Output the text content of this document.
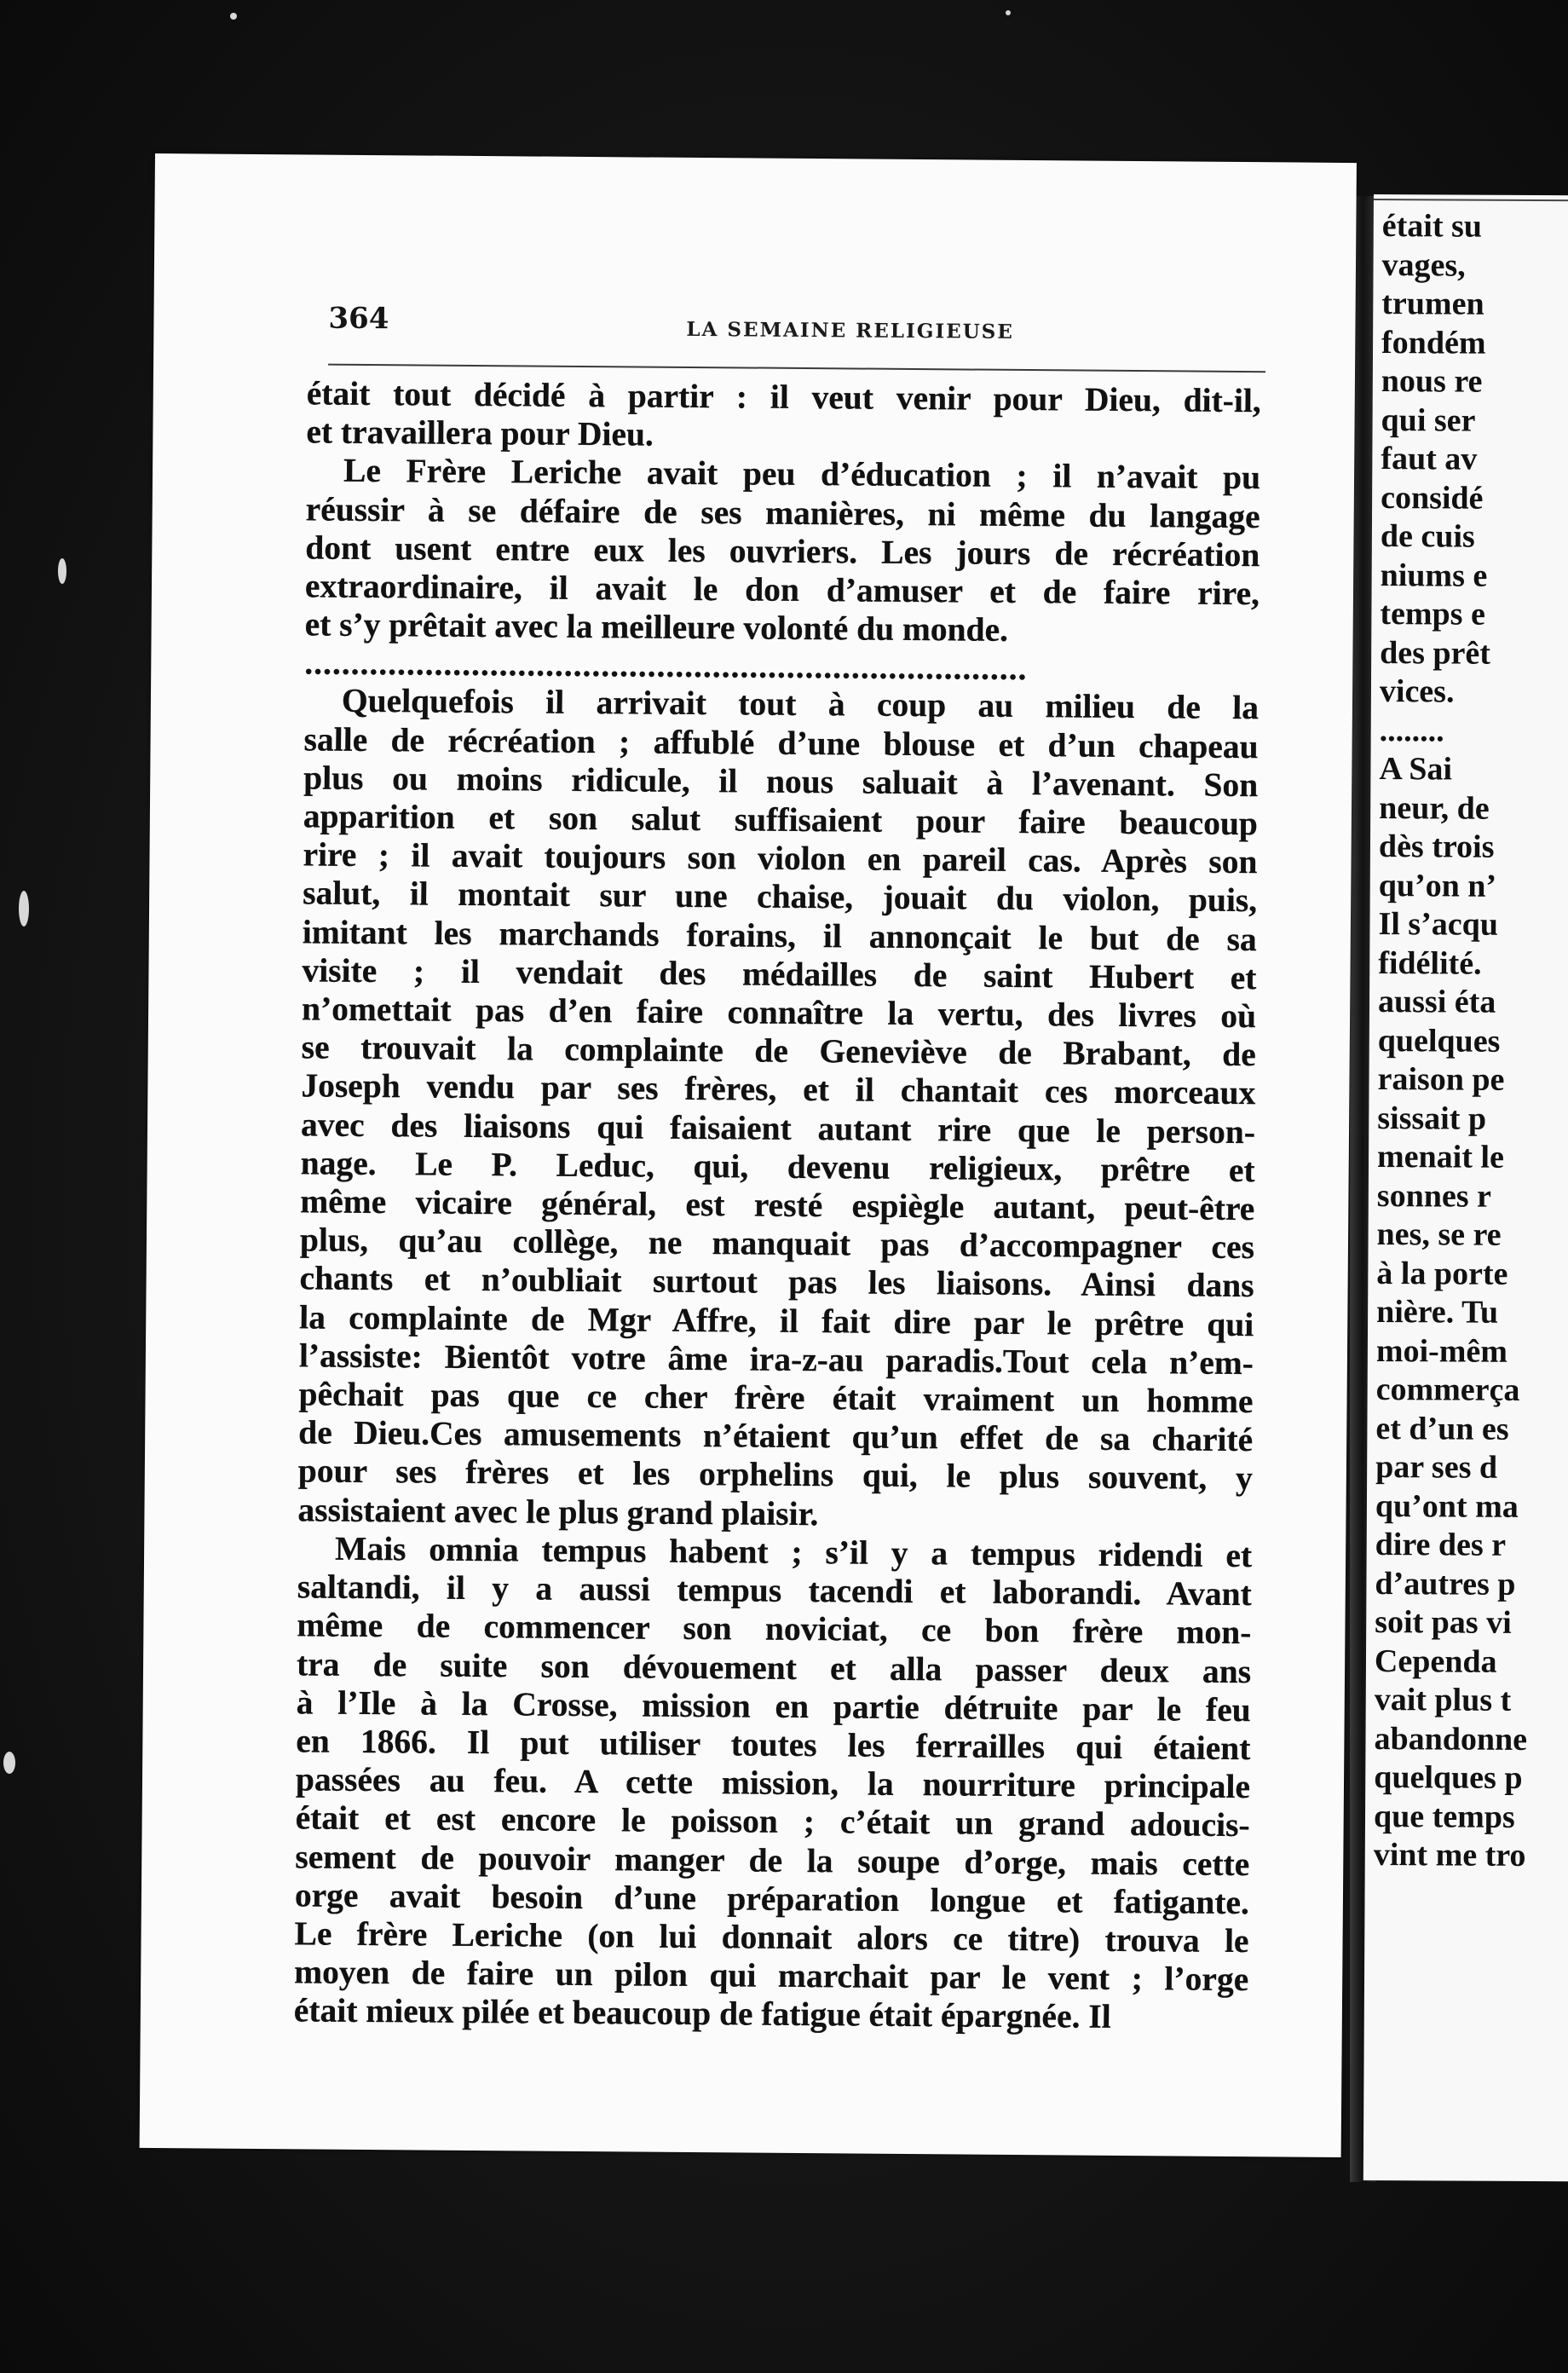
était su
vages,
trumen
fondém
nous re
qui ser
faut av
considé
de cuis
niums e
temps e
des prêt
vices.
........
A Sai
neur, de
dès trois
qu’on n’
Il s’acqu
fidélité.
aussi éta
quelques
raison pe
sissait p
menait le
sonnes r
nes, se re
à la porte
nière. Tu
moi-mêm
commerça
et d’un es
par ses d
qu’ont ma
dire des r
d’autres p
soit pas vi
Cependa
vait plus t
abandonne
quelques p
que temps
vint me tro
364	LA SEMAINE RELIGIEUSE
était tout décidé à partir : il veut venir pour Dieu, dit-il,
et travaillera pour Dieu.
Le Frère Leriche avait peu d’éducation ; il n’avait pu
réussir à se défaire de ses manières, ni même du langage
dont usent entre eux les ouvriers. Les jours de récréation
extraordinaire, il avait le don d’amuser et de faire rire,
et s’y prêtait avec la meilleure volonté du monde.
..............................................................................
Quelquefois il arrivait tout à coup au milieu de la
salle de récréation ; affublé d’une blouse et d’un chapeau
plus ou moins ridicule, il nous saluait à l’avenant. Son
apparition et son salut suffisaient pour faire beaucoup
rire ; il avait toujours son violon en pareil cas. Après son
salut, il montait sur une chaise, jouait du violon, puis,
imitant les marchands forains, il annonçait le but de sa
visite ; il vendait des médailles de saint Hubert et
n’omettait pas d’en faire connaître la vertu, des livres où
se trouvait la complainte de Geneviève de Brabant, de
Joseph vendu par ses frères, et il chantait ces morceaux
avec des liaisons qui faisaient autant rire que le person-
nage. Le P. Leduc, qui, devenu religieux, prêtre et
même vicaire général, est resté espiègle autant, peut-être
plus, qu’au collège, ne manquait pas d’accompagner ces
chants et n’oubliait surtout pas les liaisons. Ainsi dans
la complainte de Mgr Affre, il fait dire par le prêtre qui
l’assiste: Bientôt votre âme ira-z-au paradis.Tout cela n’em-
pêchait pas que ce cher frère était vraiment un homme
de Dieu.Ces amusements n’étaient qu’un effet de sa charité
pour ses frères et les orphelins qui, le plus souvent, y
assistaient avec le plus grand plaisir.
Mais omnia tempus habent ; s’il y a tempus ridendi et
saltandi, il y a aussi tempus tacendi et laborandi. Avant
même de commencer son noviciat, ce bon frère mon-
tra de suite son dévouement et alla passer deux ans
à l’Ile à la Crosse, mission en partie détruite par le feu
en 1866. Il put utiliser toutes les ferrailles qui étaient
passées au feu. A cette mission, la nourriture principale
était et est encore le poisson ; c’était un grand adoucis-
sement de pouvoir manger de la soupe d’orge, mais cette
orge avait besoin d’une préparation longue et fatigante.
Le frère Leriche (on lui donnait alors ce titre) trouva le
moyen de faire un pilon qui marchait par le vent ; l’orge
était mieux pilée et beaucoup de fatigue était épargnée. Il
